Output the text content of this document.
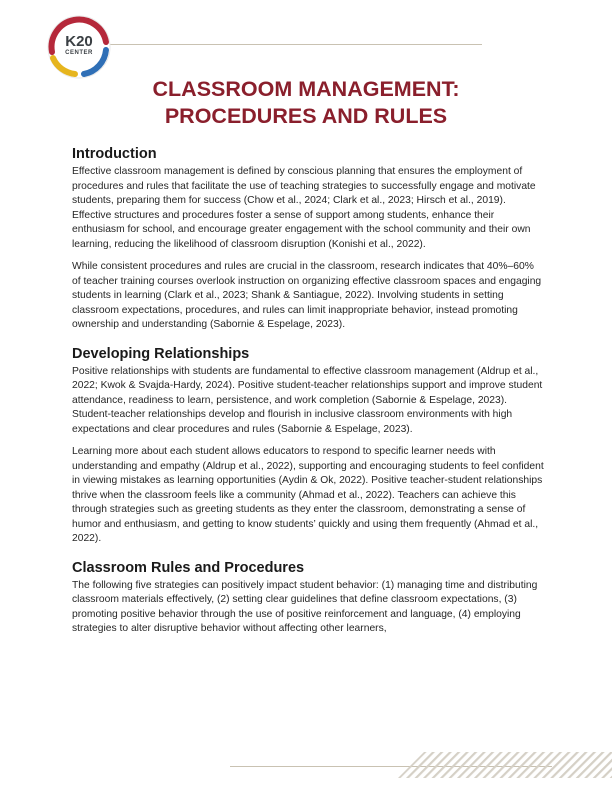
K20
CENTER
CLASSROOM MANAGEMENT:
PROCEDURES AND RULES
Introduction

Effective classroom management is defined by conscious planning that ensures the employment of procedures and rules that facilitate the use of teaching strategies to successfully engage and motivate students, preparing them for success (Chow et al., 2024; Clark et al., 2023; Hirsch et al., 2019). Effective structures and procedures foster a sense of support among students, enhance their enthusiasm for school, and encourage greater engagement with the school community and their own learning, reducing the likelihood of classroom disruption (Konishi et al., 2022).

While consistent procedures and rules are crucial in the classroom, research indicates that 40%–60% of teacher training courses overlook instruction on organizing effective classroom spaces and engaging students in learning (Clark et al., 2023; Shank & Santiague, 2022). Involving students in setting classroom expectations, procedures, and rules can limit inappropriate behavior, instead promoting ownership and understanding (Sabornie & Espelage, 2023).

Developing Relationships

Positive relationships with students are fundamental to effective classroom management (Aldrup et al., 2022; Kwok & Svajda-Hardy, 2024). Positive student-teacher relationships support and improve student attendance, readiness to learn, persistence, and work completion (Sabornie & Espelage, 2023). Student-teacher relationships develop and flourish in inclusive classroom environments with high expectations and clear procedures and rules (Sabornie & Espelage, 2023).

Learning more about each student allows educators to respond to specific learner needs with understanding and empathy (Aldrup et al., 2022), supporting and encouraging students to feel confident in viewing mistakes as learning opportunities (Aydin & Ok, 2022). Positive teacher-student relationships thrive when the classroom feels like a community (Ahmad et al., 2022). Teachers can achieve this through strategies such as greeting students as they enter the classroom, demonstrating a sense of humor and enthusiasm, and getting to know students’ quickly and using them frequently (Ahmad et al., 2022).

Classroom Rules and Procedures

The following five strategies can positively impact student behavior: (1) managing time and distributing classroom materials effectively, (2) setting clear guidelines that define classroom expectations, (3) promoting positive behavior through the use of positive reinforcement and language, (4) employing strategies to alter disruptive behavior without affecting other learners,
